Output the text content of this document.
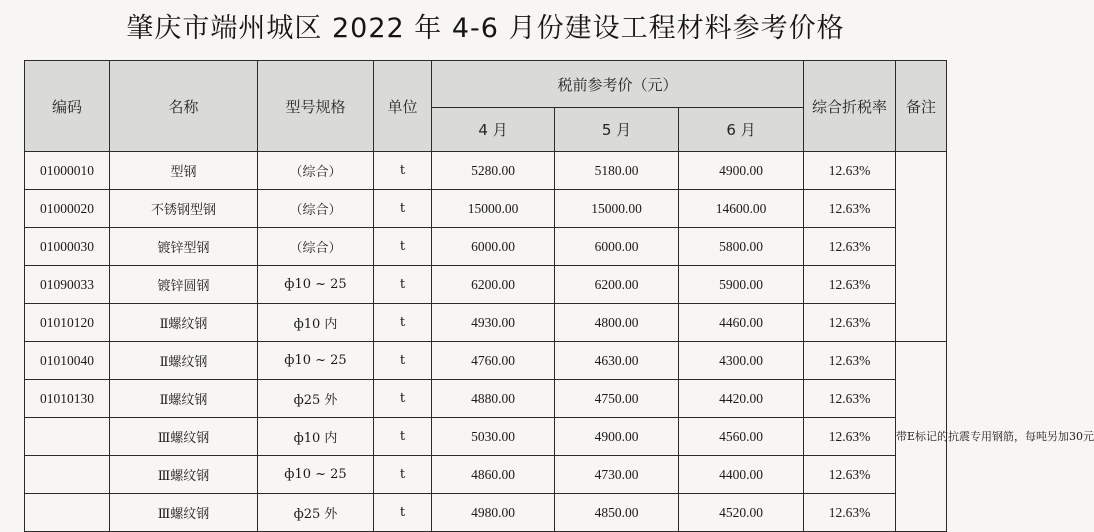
肇庆市端州城区 2022 年 4-6 月份建设工程材料参考价格
编码	名称	型号规格	单位	税前参考价（元）			综合折税率	备注
				4 月	5 月	6 月		
01000010	型钢	（综合）	t	5280.00	5180.00	4900.00	12.63%	
01000020	不锈钢型钢	（综合）	t	15000.00	15000.00	14600.00	12.63%	
01000030	镀锌型钢	（综合）	t	6000.00	6000.00	5800.00	12.63%	
01090033	镀锌圆钢	ф10 ~ 25	t	6200.00	6200.00	5900.00	12.63%	
01010120	Ⅱ螺纹钢	ф10 内	t	4930.00	4800.00	4460.00	12.63%	
01010040	Ⅱ螺纹钢	ф10 ~ 25	t	4760.00	4630.00	4300.00	12.63%	带E标记的抗震专用钢筋，每吨另加30元
01010130	Ⅱ螺纹钢	ф25 外	t	4880.00	4750.00	4420.00	12.63%	
	Ⅲ螺纹钢	ф10 内	t	5030.00	4900.00	4560.00	12.63%	
	Ⅲ螺纹钢	ф10 ~ 25	t	4860.00	4730.00	4400.00	12.63%	
	Ⅲ螺纹钢	ф25 外	t	4980.00	4850.00	4520.00	12.63%	
